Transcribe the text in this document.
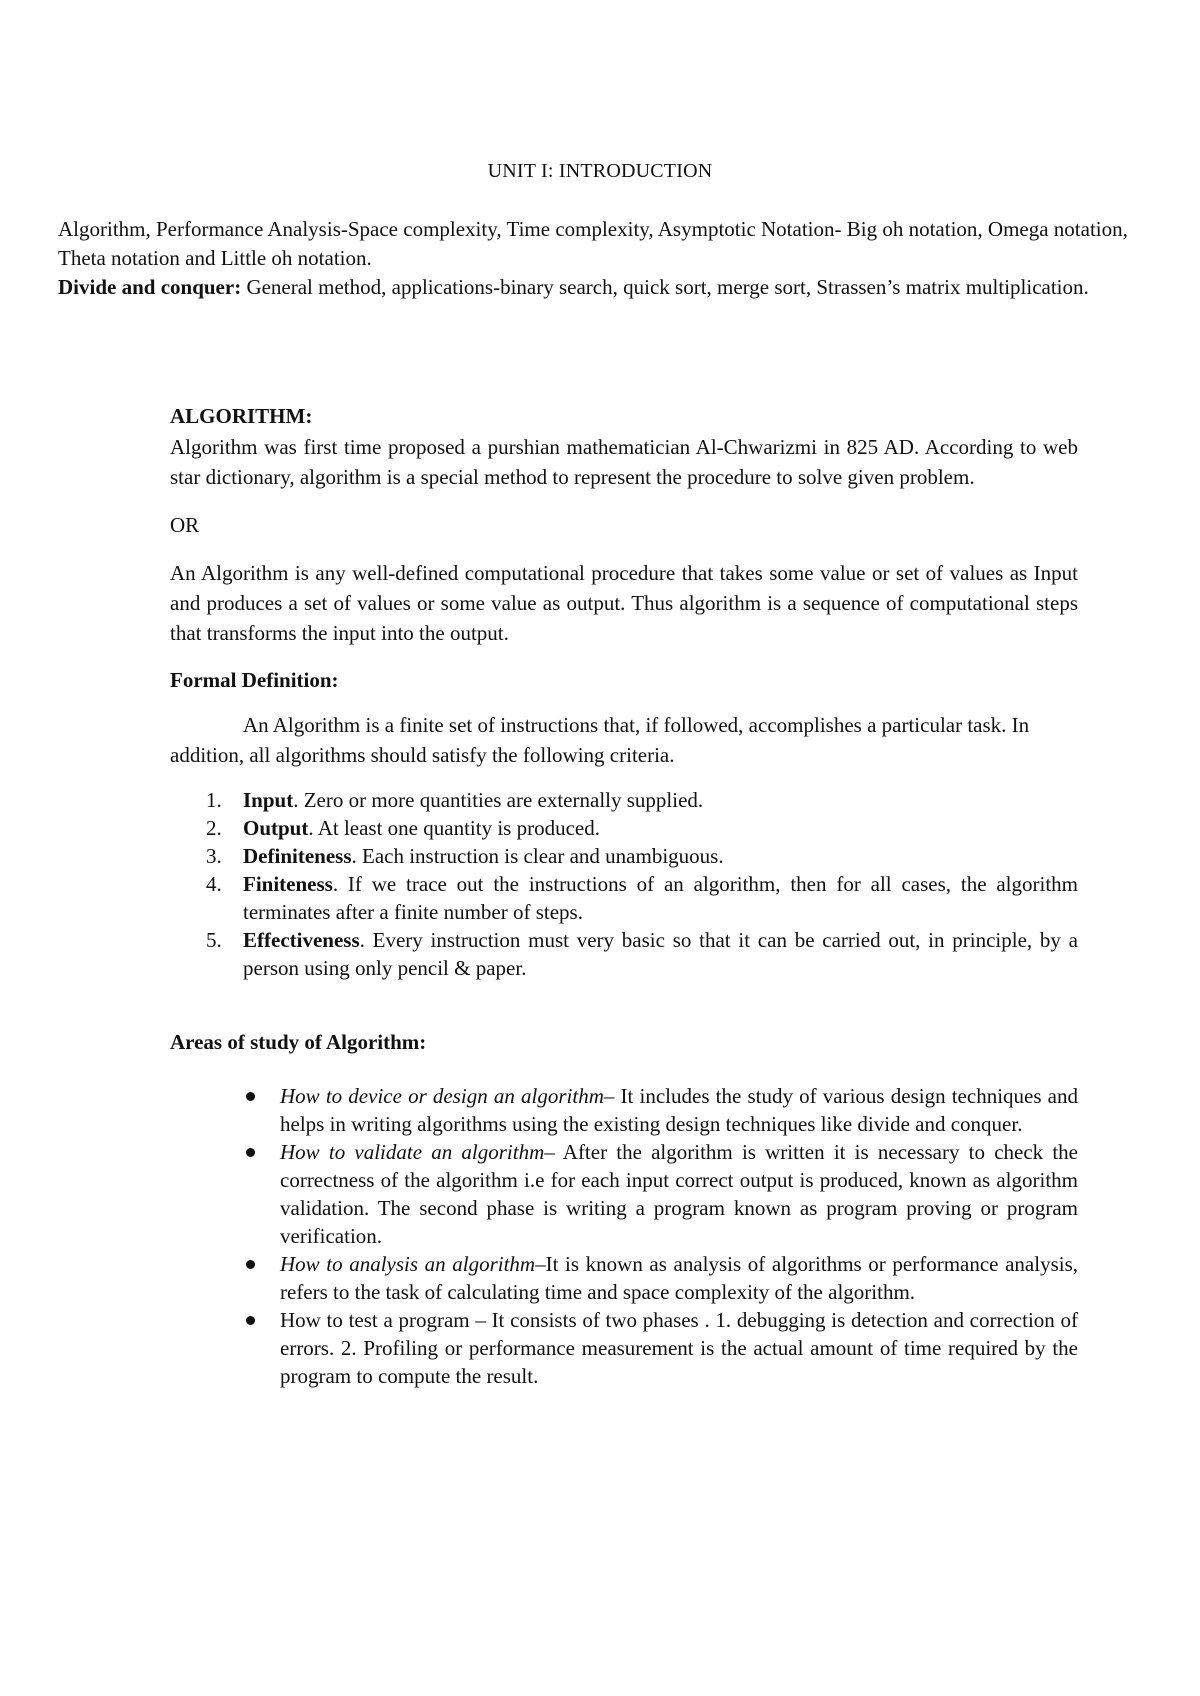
UNIT I: INTRODUCTION

Algorithm, Performance Analysis-Space complexity, Time complexity, Asymptotic Notation- Big oh notation, Omega notation, Theta notation and Little oh notation.
Divide and conquer: General method, applications-binary search, quick sort, merge sort, Strassen’s matrix multiplication.

ALGORITHM:

Algorithm was first time proposed a purshian mathematician Al-Chwarizmi in 825 AD. According to web star dictionary, algorithm is a special method to represent the procedure to solve given problem.

OR

An Algorithm is any well-defined computational procedure that takes some value or set of values as Input and produces a set of values or some value as output. Thus algorithm is a sequence of computational steps that transforms the input into the output.

Formal Definition:

An Algorithm is a finite set of instructions that, if followed, accomplishes a particular task. In addition, all algorithms should satisfy the following criteria.

1. Input. Zero or more quantities are externally supplied.
2. Output. At least one quantity is produced.
3. Definiteness. Each instruction is clear and unambiguous.
4. Finiteness. If we trace out the instructions of an algorithm, then for all cases, the algorithm terminates after a finite number of steps.
5. Effectiveness. Every instruction must very basic so that it can be carried out, in principle, by a person using only pencil & paper.

Areas of study of Algorithm:

How to device or design an algorithm– It includes the study of various design techniques and helps in writing algorithms using the existing design techniques like divide and conquer.
How to validate an algorithm– After the algorithm is written it is necessary to check the correctness of the algorithm i.e for each input correct output is produced, known as algorithm validation. The second phase is writing a program known as program proving or program verification.
How to analysis an algorithm–It is known as analysis of algorithms or performance analysis, refers to the task of calculating time and space complexity of the algorithm.
How to test a program – It consists of two phases . 1. debugging is detection and correction of errors. 2. Profiling or performance measurement is the actual amount of time required by the program to compute the result.
